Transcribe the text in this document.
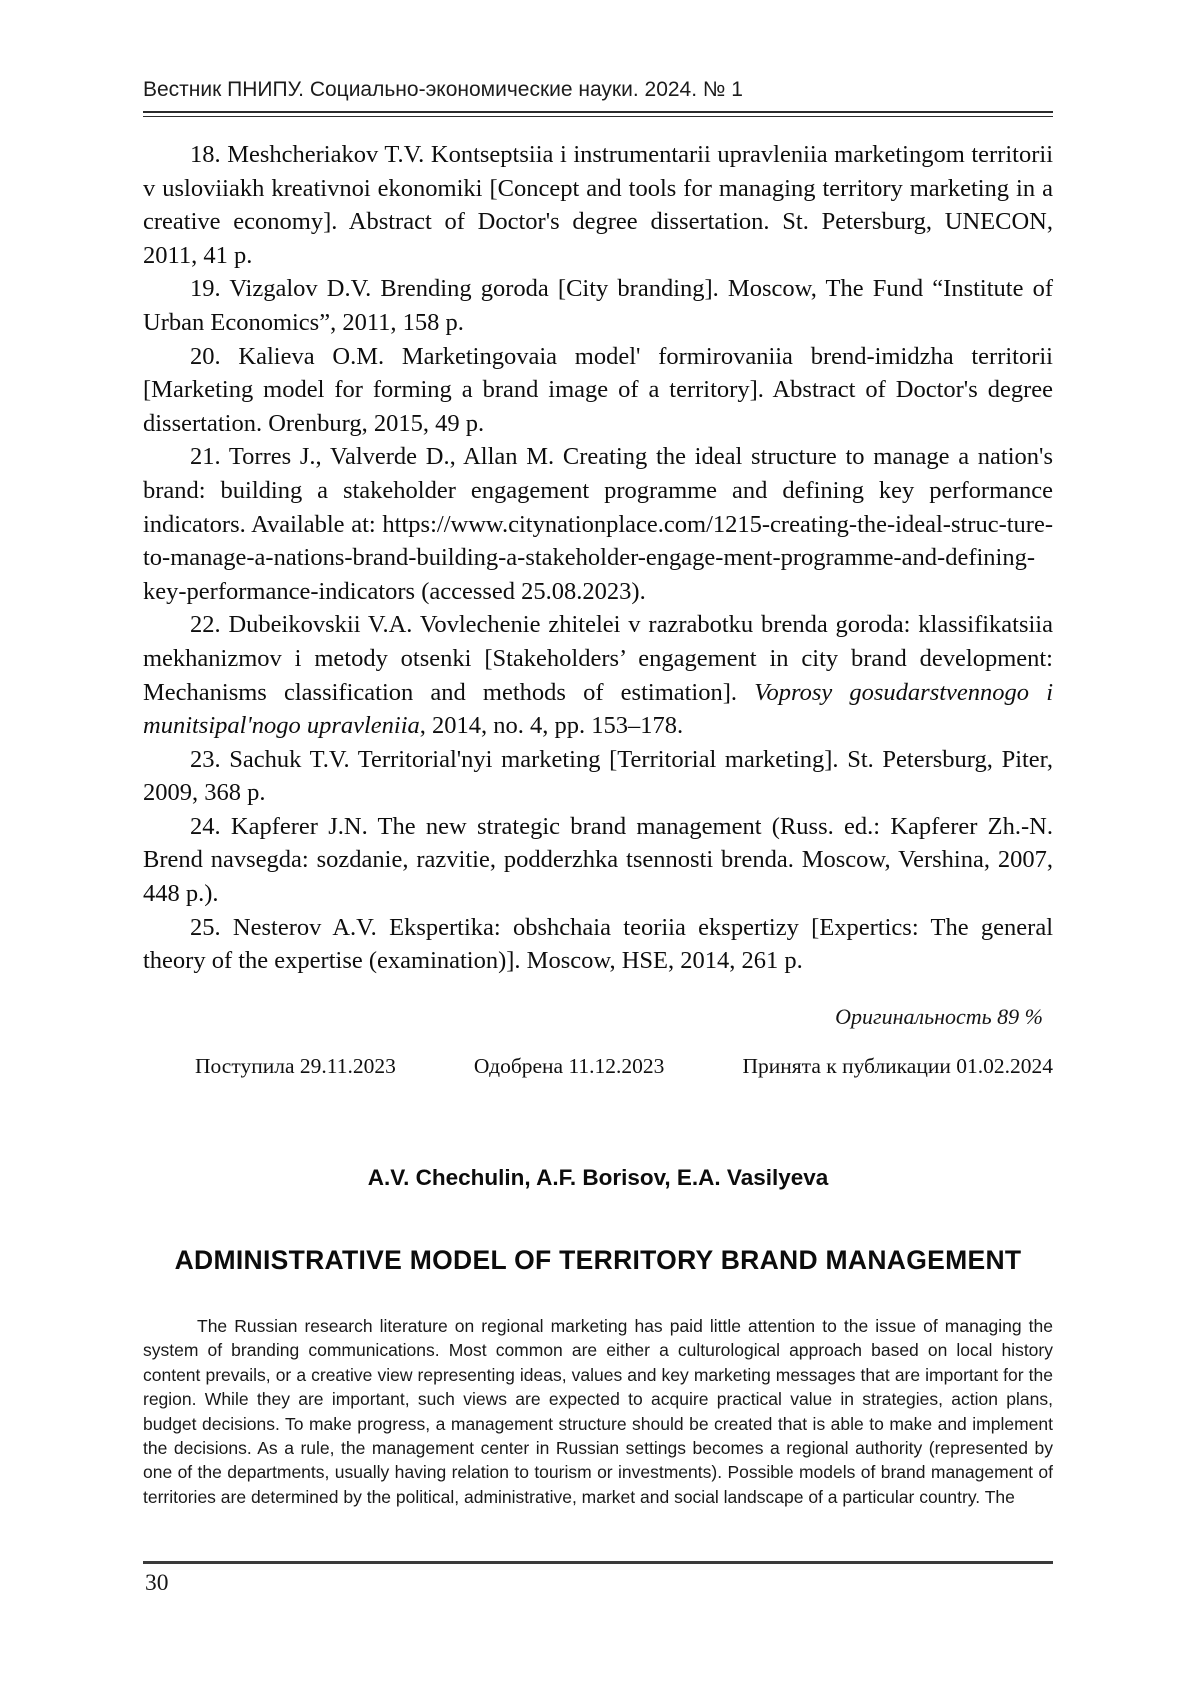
Вестник ПНИПУ. Социально-экономические науки. 2024. № 1

18. Meshcheriakov T.V. Kontseptsiia i instrumentarii upravleniia marketingom territorii v usloviiakh kreativnoi ekonomiki [Concept and tools for managing territory marketing in a creative economy]. Abstract of Doctor's degree dissertation. St. Petersburg, UNECON, 2011, 41 p.

19. Vizgalov D.V. Brending goroda [City branding]. Moscow, The Fund “Institute of Urban Economics”, 2011, 158 p.

20. Kalieva O.M. Marketingovaia model' formirovaniia brend-imidzha territorii [Marketing model for forming a brand image of a territory]. Abstract of Doctor's degree dissertation. Orenburg, 2015, 49 p.

21. Torres J., Valverde D., Allan M. Creating the ideal structure to manage a nation's brand: building a stakeholder engagement programme and defining key performance indicators. Available at: https://www.citynationplace.com/1215-creating-the-ideal-struc-ture-to-manage-a-nations-brand-building-a-stakeholder-engage-ment-programme-and-defining-key-performance-indicators (accessed 25.08.2023).

22. Dubeikovskii V.A. Vovlechenie zhitelei v razrabotku brenda goroda: klassifikatsiia mekhanizmov i metody otsenki [Stakeholders’ engagement in city brand development: Mechanisms classification and methods of estimation]. Voprosy gosudarstvennogo i munitsipal'nogo upravleniia, 2014, no. 4, pp. 153–178.

23. Sachuk T.V. Territorial'nyi marketing [Territorial marketing]. St. Petersburg, Piter, 2009, 368 p.

24. Kapferer J.N. The new strategic brand management (Russ. ed.: Kapferer Zh.-N. Brend navsegda: sozdanie, razvitie, podderzhka tsennosti brenda. Moscow, Vershina, 2007, 448 p.).

25. Nesterov A.V. Ekspertika: obshchaia teoriia ekspertizy [Expertics: The general theory of the expertise (examination)]. Moscow, HSE, 2014, 261 p.

Оригинальность 89 %
Поступила 29.11.2023	Одобрена 11.12.2023	Принята к публикации 01.02.2024
A.V. Chechulin, A.F. Borisov, E.A. Vasilyeva
ADMINISTRATIVE MODEL OF TERRITORY BRAND MANAGEMENT

The Russian research literature on regional marketing has paid little attention to the issue of managing the system of branding communications. Most common are either a culturological approach based on local history content prevails, or a creative view representing ideas, values and key marketing messages that are important for the region. While they are important, such views are expected to acquire practical value in strategies, action plans, budget decisions. To make progress, a management structure should be created that is able to make and implement the decisions. As a rule, the management center in Russian settings becomes a regional authority (represented by one of the departments, usually having relation to tourism or investments). Possible models of brand management of territories are determined by the political, administrative, market and social landscape of a particular country. The

30
